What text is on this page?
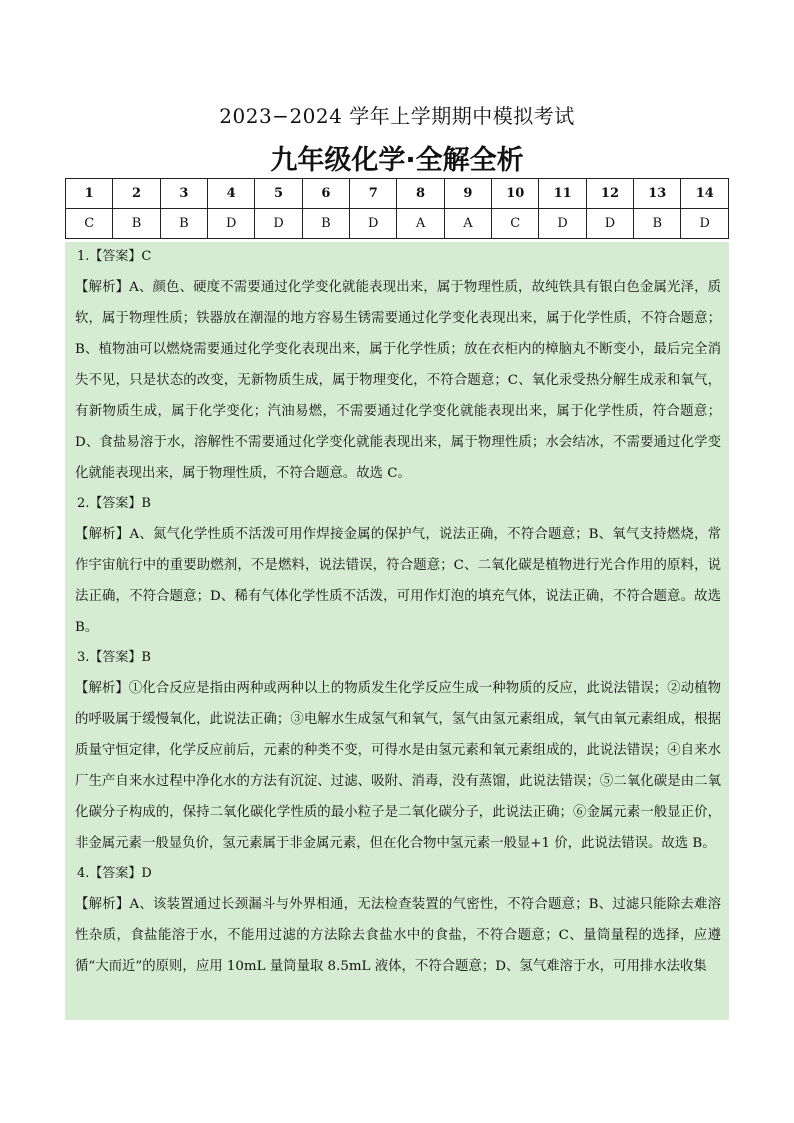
2023−2024 学年上学期期中模拟考试
九年级化学·全解全析
1	2	3	4	5	6	7	8	9	10	11	12	13	14
C	B	B	D	D	B	D	A	A	C	D	D	B	D
1.【答案】C
【解析】A、颜色、硬度不需要通过化学变化就能表现出来，属于物理性质，故纯铁具有银白色金属光泽，质软，属于物理性质；铁器放在潮湿的地方容易生锈需要通过化学变化表现出来，属于化学性质，不符合题意；B、植物油可以燃烧需要通过化学变化表现出来，属于化学性质；放在衣柜内的樟脑丸不断变小，最后完全消失不见，只是状态的改变，无新物质生成，属于物理变化，不符合题意；C、氧化汞受热分解生成汞和氧气，有新物质生成，属于化学变化；汽油易燃，不需要通过化学变化就能表现出来，属于化学性质，符合题意；D、食盐易溶于水，溶解性不需要通过化学变化就能表现出来，属于物理性质；水会结冰，不需要通过化学变化就能表现出来，属于物理性质，不符合题意。故选 C。
2.【答案】B
【解析】A、氮气化学性质不活泼可用作焊接金属的保护气，说法正确，不符合题意；B、氧气支持燃烧，常作宇宙航行中的重要助燃剂，不是燃料，说法错误，符合题意；C、二氧化碳是植物进行光合作用的原料，说法正确，不符合题意；D、稀有气体化学性质不活泼，可用作灯泡的填充气体，说法正确，不符合题意。故选 B。
3.【答案】B
【解析】①化合反应是指由两种或两种以上的物质发生化学反应生成一种物质的反应，此说法错误；②动植物的呼吸属于缓慢氧化，此说法正确；③电解水生成氢气和氧气，氢气由氢元素组成，氧气由氧元素组成，根据质量守恒定律，化学反应前后，元素的种类不变，可得水是由氢元素和氧元素组成的，此说法错误；④自来水厂生产自来水过程中净化水的方法有沉淀、过滤、吸附、消毒，没有蒸馏，此说法错误；⑤二氧化碳是由二氧化碳分子构成的，保持二氧化碳化学性质的最小粒子是二氧化碳分子，此说法正确；⑥金属元素一般显正价，非金属元素一般显负价，氢元素属于非金属元素，但在化合物中氢元素一般显+1 价，此说法错误。故选 B。
4.【答案】D
【解析】A、该装置通过长颈漏斗与外界相通，无法检查装置的气密性，不符合题意；B、过滤只能除去难溶性杂质，食盐能溶于水，不能用过滤的方法除去食盐水中的食盐，不符合题意；C、量筒量程的选择，应遵循“大而近”的原则，应用 10mL 量筒量取 8.5mL 液体，不符合题意；D、氢气难溶于水，可用排水法收集
